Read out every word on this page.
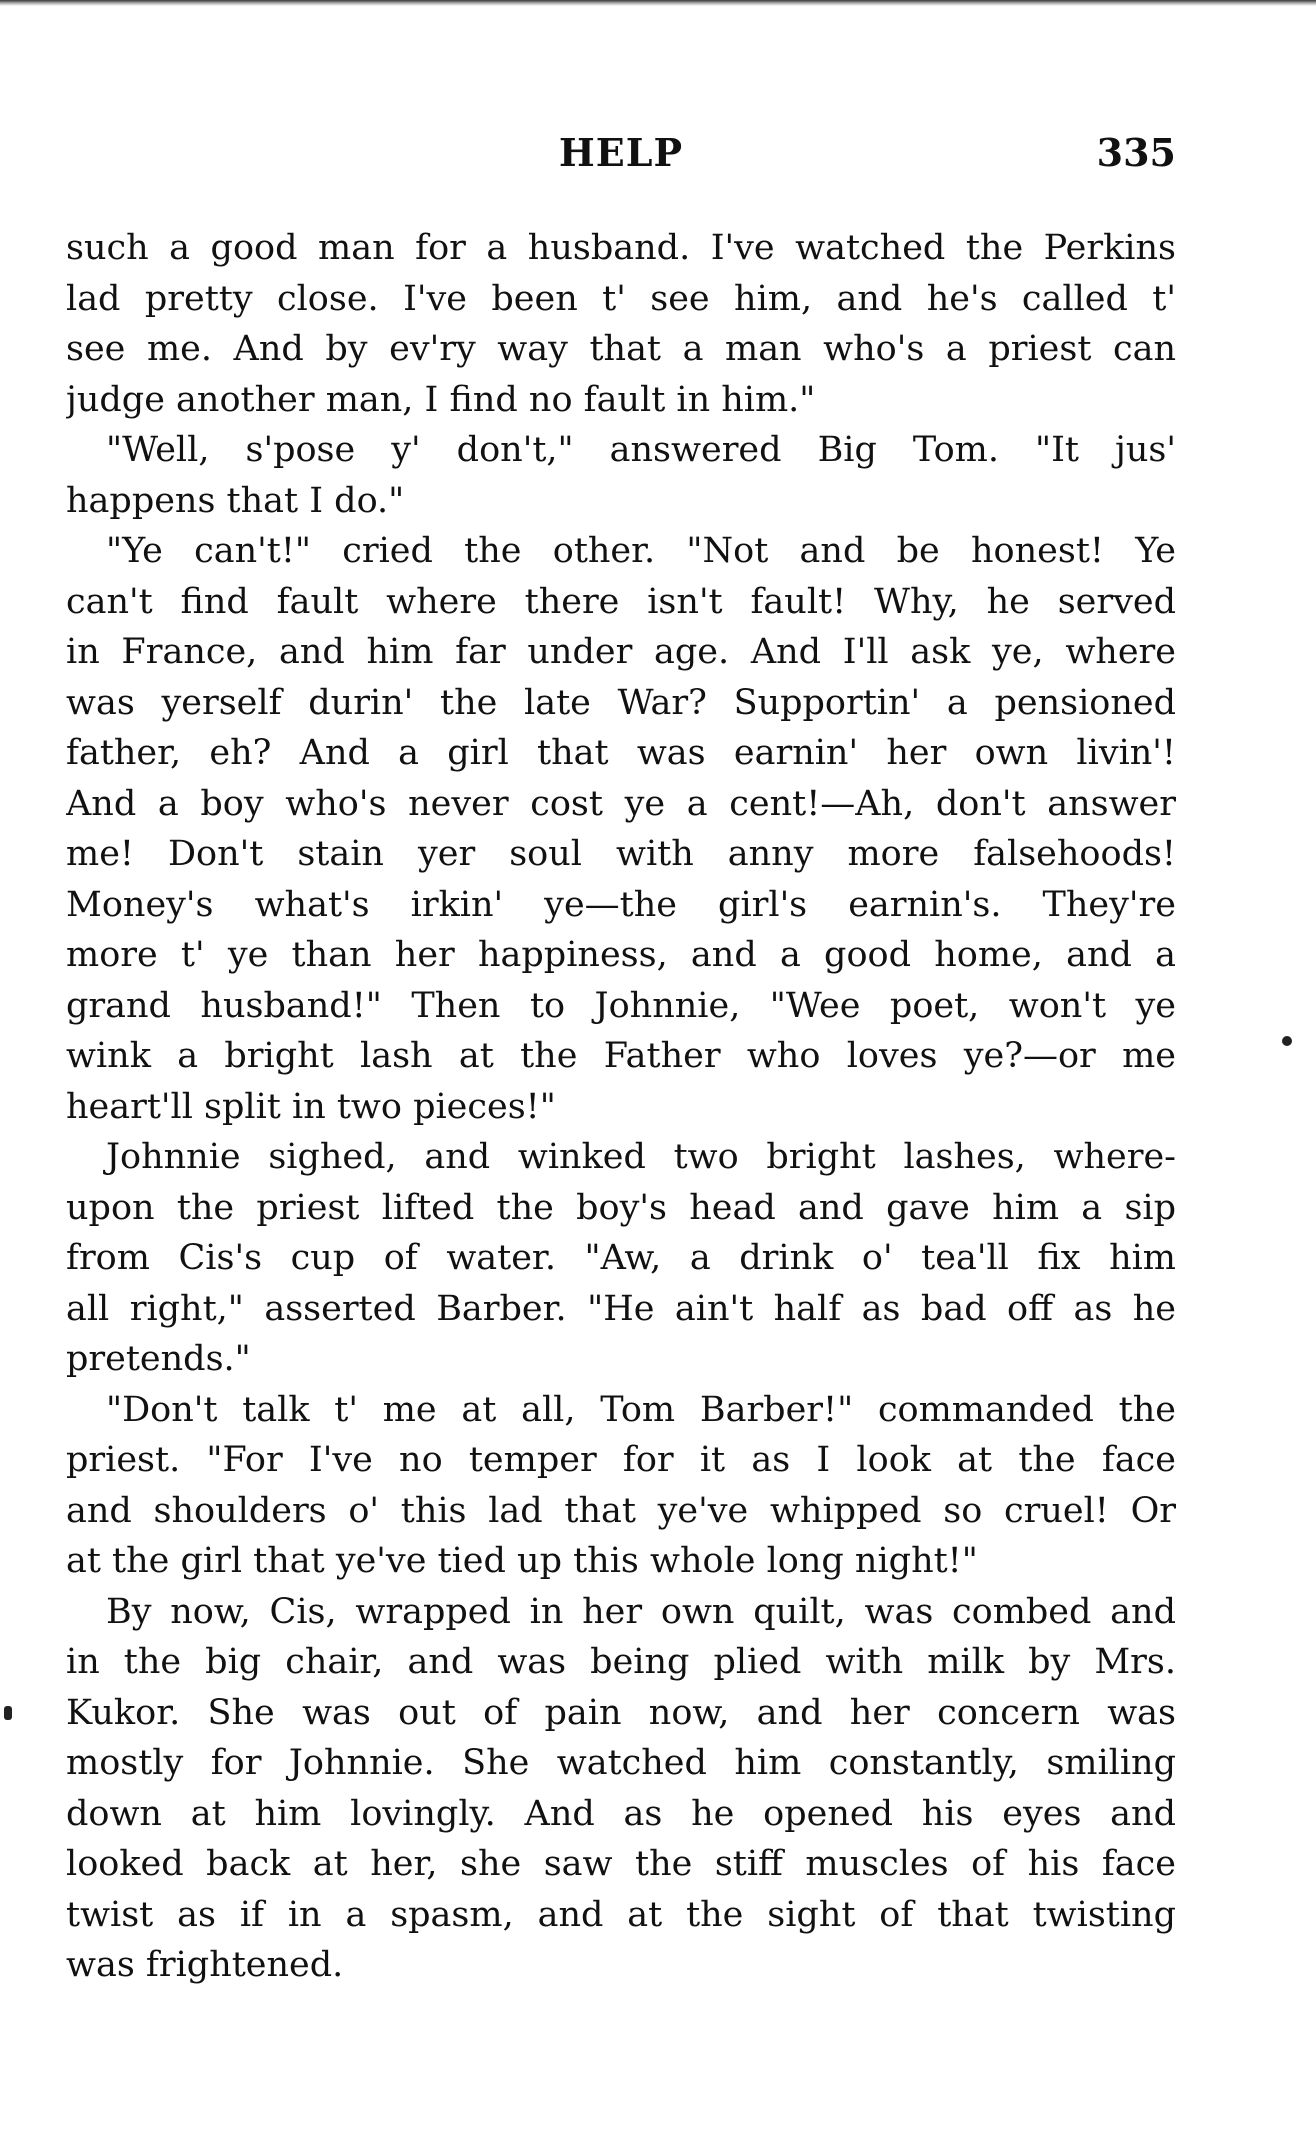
HELP	335
such a good man for a husband. I've watched the Perkins
lad pretty close. I've been t' see him, and he's called t'
see me. And by ev'ry way that a man who's a priest can
judge another man, I find no fault in him."
"Well, s'pose y' don't," answered Big Tom. "It jus'
happens that I do."
"Ye can't!" cried the other. "Not and be honest! Ye
can't find fault where there isn't fault! Why, he served
in France, and him far under age. And I'll ask ye, where
was yerself durin' the late War? Supportin' a pensioned
father, eh? And a girl that was earnin' her own livin'!
And a boy who's never cost ye a cent!—Ah, don't answer
me! Don't stain yer soul with anny more falsehoods!
Money's what's irkin' ye—the girl's earnin's. They're
more t' ye than her happiness, and a good home, and a
grand husband!" Then to Johnnie, "Wee poet, won't ye
wink a bright lash at the Father who loves ye?—or me
heart'll split in two pieces!"
Johnnie sighed, and winked two bright lashes, where-
upon the priest lifted the boy's head and gave him a sip
from Cis's cup of water. "Aw, a drink o' tea'll fix him
all right," asserted Barber. "He ain't half as bad off as he
pretends."
"Don't talk t' me at all, Tom Barber!" commanded the
priest. "For I've no temper for it as I look at the face
and shoulders o' this lad that ye've whipped so cruel! Or
at the girl that ye've tied up this whole long night!"
By now, Cis, wrapped in her own quilt, was combed and
in the big chair, and was being plied with milk by Mrs.
Kukor. She was out of pain now, and her concern was
mostly for Johnnie. She watched him constantly, smiling
down at him lovingly. And as he opened his eyes and
looked back at her, she saw the stiff muscles of his face
twist as if in a spasm, and at the sight of that twisting
was frightened.
